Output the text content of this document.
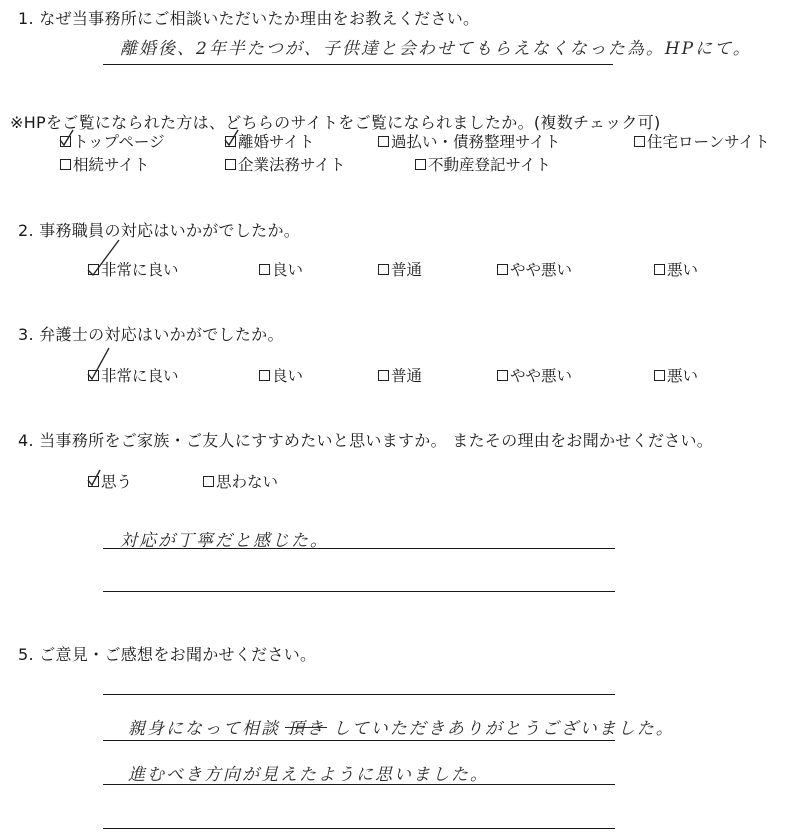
1. なぜ当事務所にご相談いただいたか理由をお教えください。
離婚後、2年半たつが、子供達と会わせてもらえなくなった為。HPにて。
※HPをご覧になられた方は、どちらのサイトをご覧になられましたか。(複数チェック可)
トップページ	離婚サイト	過払い・債務整理サイト	住宅ローンサイト
相続サイト	企業法務サイト	不動産登記サイト
2. 事務職員の対応はいかがでしたか。
非常に良い	良い	普通	やや悪い	悪い
3. 弁護士の対応はいかがでしたか。
非常に良い	良い	普通	やや悪い	悪い
4. 当事務所をご家族・ご友人にすすめたいと思いますか。 またその理由をお聞かせください。
思う	思わない
対応が丁寧だと感じた。
5. ご意見・ご感想をお聞かせください。
親身になって相談 頂き していただきありがとうございました。
進むべき方向が見えたように思いました。
